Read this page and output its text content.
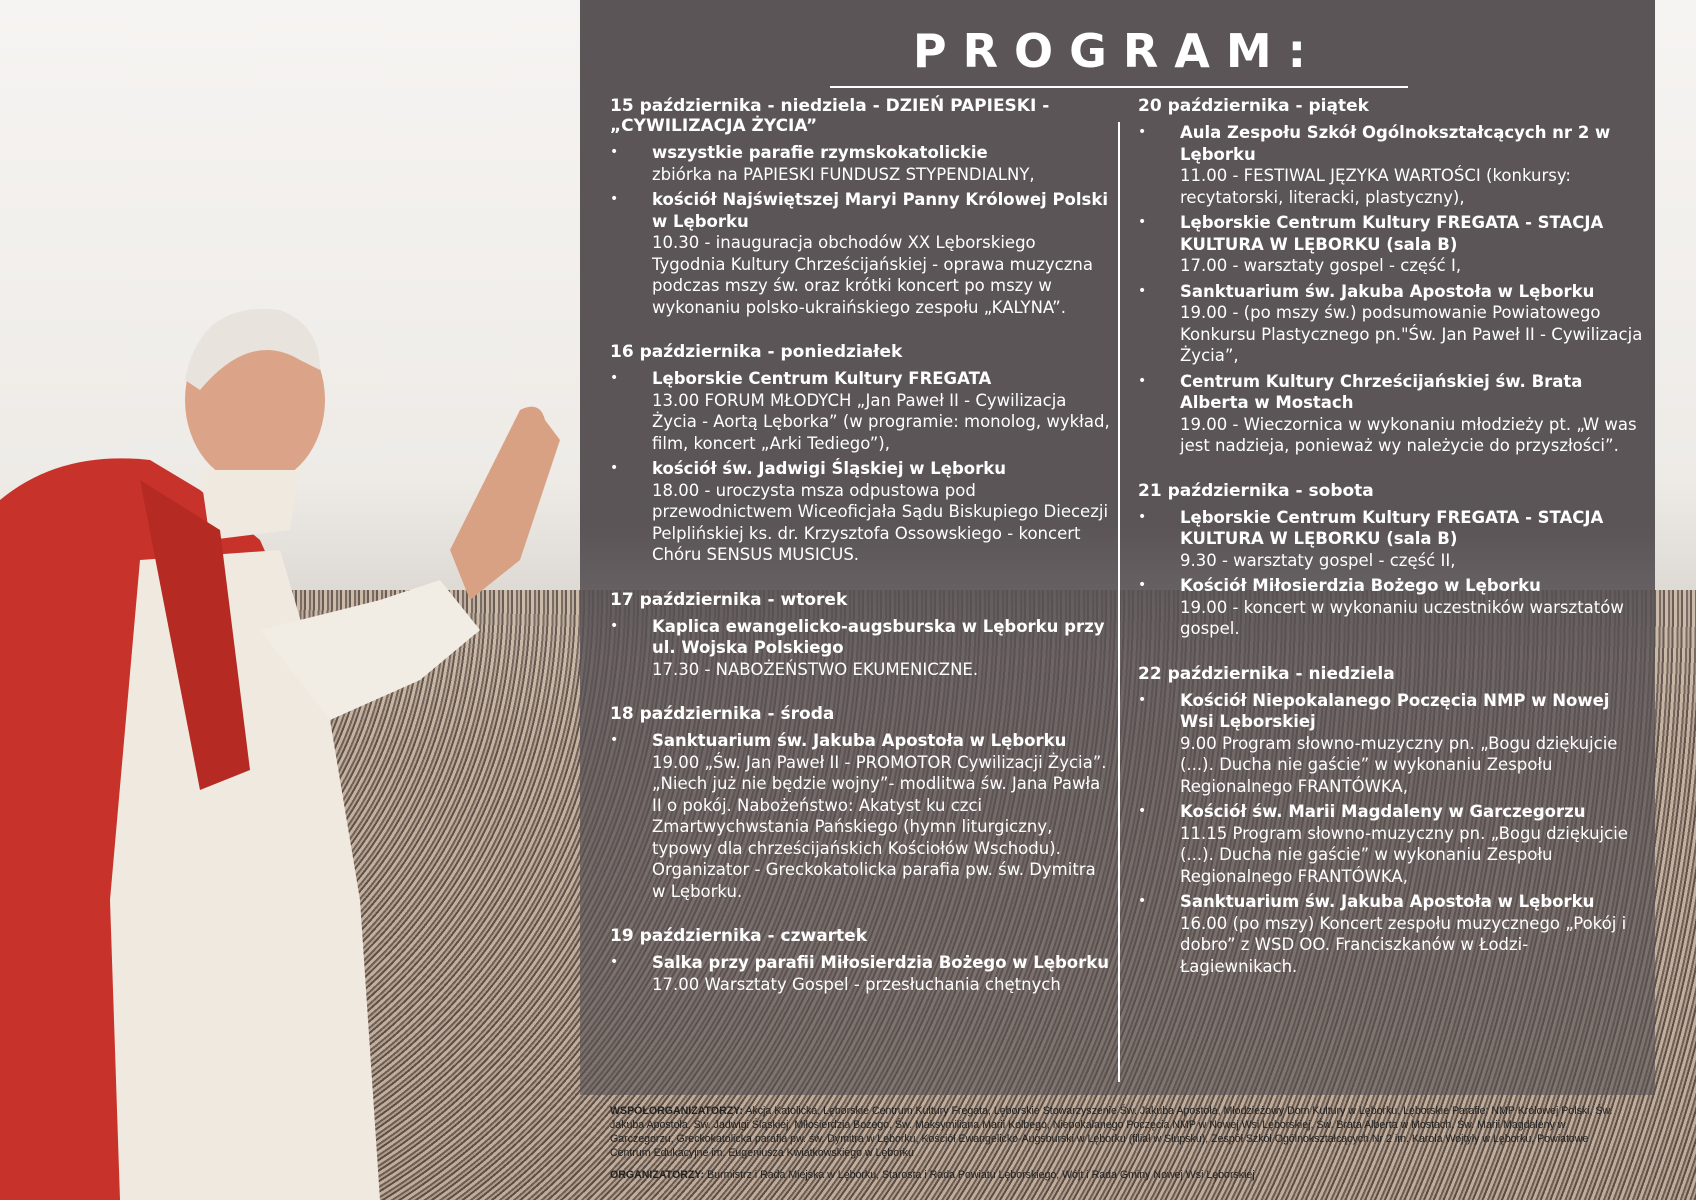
PROGRAM:
15 października - niedziela - DZIEŃ PAPIESKI - „CYWILIZACJA ŻYCIA”
• wszystkie parafie rzymskokatolickie
zbiórka na PAPIESKI FUNDUSZ STYPENDIALNY,
• kościół Najświętszej Maryi Panny Królowej Polski w Lęborku
10.30 - inauguracja obchodów XX Lęborskiego Tygodnia Kultury Chrześcijańskiej - oprawa muzyczna podczas mszy św. oraz krótki koncert po mszy w wykonaniu polsko-ukraińskiego zespołu „KALYNA”.
16 października - poniedziałek
• Lęborskie Centrum Kultury FREGATA
13.00 FORUM MŁODYCH „Jan Paweł II - Cywilizacja Życia - Aortą Lęborka” (w programie: monolog, wykład, film, koncert „Arki Tediego”),
• kościół św. Jadwigi Śląskiej w Lęborku
18.00 - uroczysta msza odpustowa pod przewodnictwem Wiceoficjała Sądu Biskupiego Diecezji Pelplińskiej ks. dr. Krzysztofa Ossowskiego - koncert Chóru SENSUS MUSICUS.
17 października - wtorek
• Kaplica ewangelicko-augsburska w Lęborku przy ul. Wojska Polskiego
17.30 - NABOŻEŃSTWO EKUMENICZNE.
18 października - środa
• Sanktuarium św. Jakuba Apostoła w Lęborku
19.00 „Św. Jan Paweł II - PROMOTOR Cywilizacji Życia”. „Niech już nie będzie wojny”- modlitwa św. Jana Pawła II o pokój. Nabożeństwo: Akatyst ku czci Zmartwychwstania Pańskiego (hymn liturgiczny, typowy dla chrześcijańskich Kościołów Wschodu). Organizator - Greckokatolicka parafia pw. św. Dymitra w Lęborku.
19 października - czwartek
• Salka przy parafii Miłosierdzia Bożego w Lęborku
17.00 Warsztaty Gospel - przesłuchania chętnych
20 października - piątek
• Aula Zespołu Szkół Ogólnokształcących nr 2 w Lęborku
11.00 - FESTIWAL JĘZYKA WARTOŚCI (konkursy: recytatorski, literacki, plastyczny),
• Lęborskie Centrum Kultury FREGATA - STACJA KULTURA W LĘBORKU (sala B)
17.00 - warsztaty gospel - część I,
• Sanktuarium św. Jakuba Apostoła w Lęborku
19.00 - (po mszy św.) podsumowanie Powiatowego Konkursu Plastycznego pn."Św. Jan Paweł II - Cywilizacja Życia”,
• Centrum Kultury Chrześcijańskiej św. Brata Alberta w Mostach
19.00 - Wieczornica w wykonaniu młodzieży pt. „W was jest nadzieja, ponieważ wy należycie do przyszłości”.
21 października - sobota
• Lęborskie Centrum Kultury FREGATA - STACJA KULTURA W LĘBORKU (sala B)
9.30 - warsztaty gospel - część II,
• Kościół Miłosierdzia Bożego w Lęborku
19.00 - koncert w wykonaniu uczestników warsztatów gospel.
22 października - niedziela
• Kościół Niepokalanego Poczęcia NMP w Nowej Wsi Lęborskiej
9.00 Program słowno-muzyczny pn. „Bogu dziękujcie (...). Ducha nie gaście” w wykonaniu Zespołu Regionalnego FRANTÓWKA,
• Kościół św. Marii Magdaleny w Garczegorzu
11.15 Program słowno-muzyczny pn. „Bogu dziękujcie (...). Ducha nie gaście” w wykonaniu Zespołu Regionalnego FRANTÓWKA,
• Sanktuarium św. Jakuba Apostoła w Lęborku
16.00 (po mszy) Koncert zespołu muzycznego „Pokój i dobro” z WSD OO. Franciszkanów w Łodzi-Łagiewnikach.

WSPÓŁORGANIZATORZY: Akcja Katolicka, Lęborskie Centrum Kultury Fregata, Lęborskie Stowarzyszenie Św. Jakuba Apostoła, Młodzieżowy Dom Kultury w Lęborku, Lęborskie Parafie: NMP Królowej Polski, Św. Jakuba Apostoła, Św. Jadwigi Śląskiej, Miłosierdzia Bożego, Św. Maksymiliana Marii Kolbego, Niepokalanego Poczęcia NMP w Nowej Wsi Lęborskiej, Św. Brata Alberta w Mostach, Św. Marii Magdaleny w Garczegorzu, Greckokatolicka parafia pw. św. Dymitra w Lęborku, Kościół Ewangelicko-Augsburski w Lęborku (filiał w Słupsku), Zespół Szkół Ogólnokształcących Nr 2 im. Karola Wojtyły w Lęborku, Powiatowe Centrum Edukacyjne im. Eugeniusza Kwiatkowskiego w Lęborku

ORGANIZATORZY: Burmistrz i Rada Miejska w Lęborku, Starosta i Rada Powiatu Lęborskiego, Wójt i Rada Gminy Nowej Wsi Lęborskiej
